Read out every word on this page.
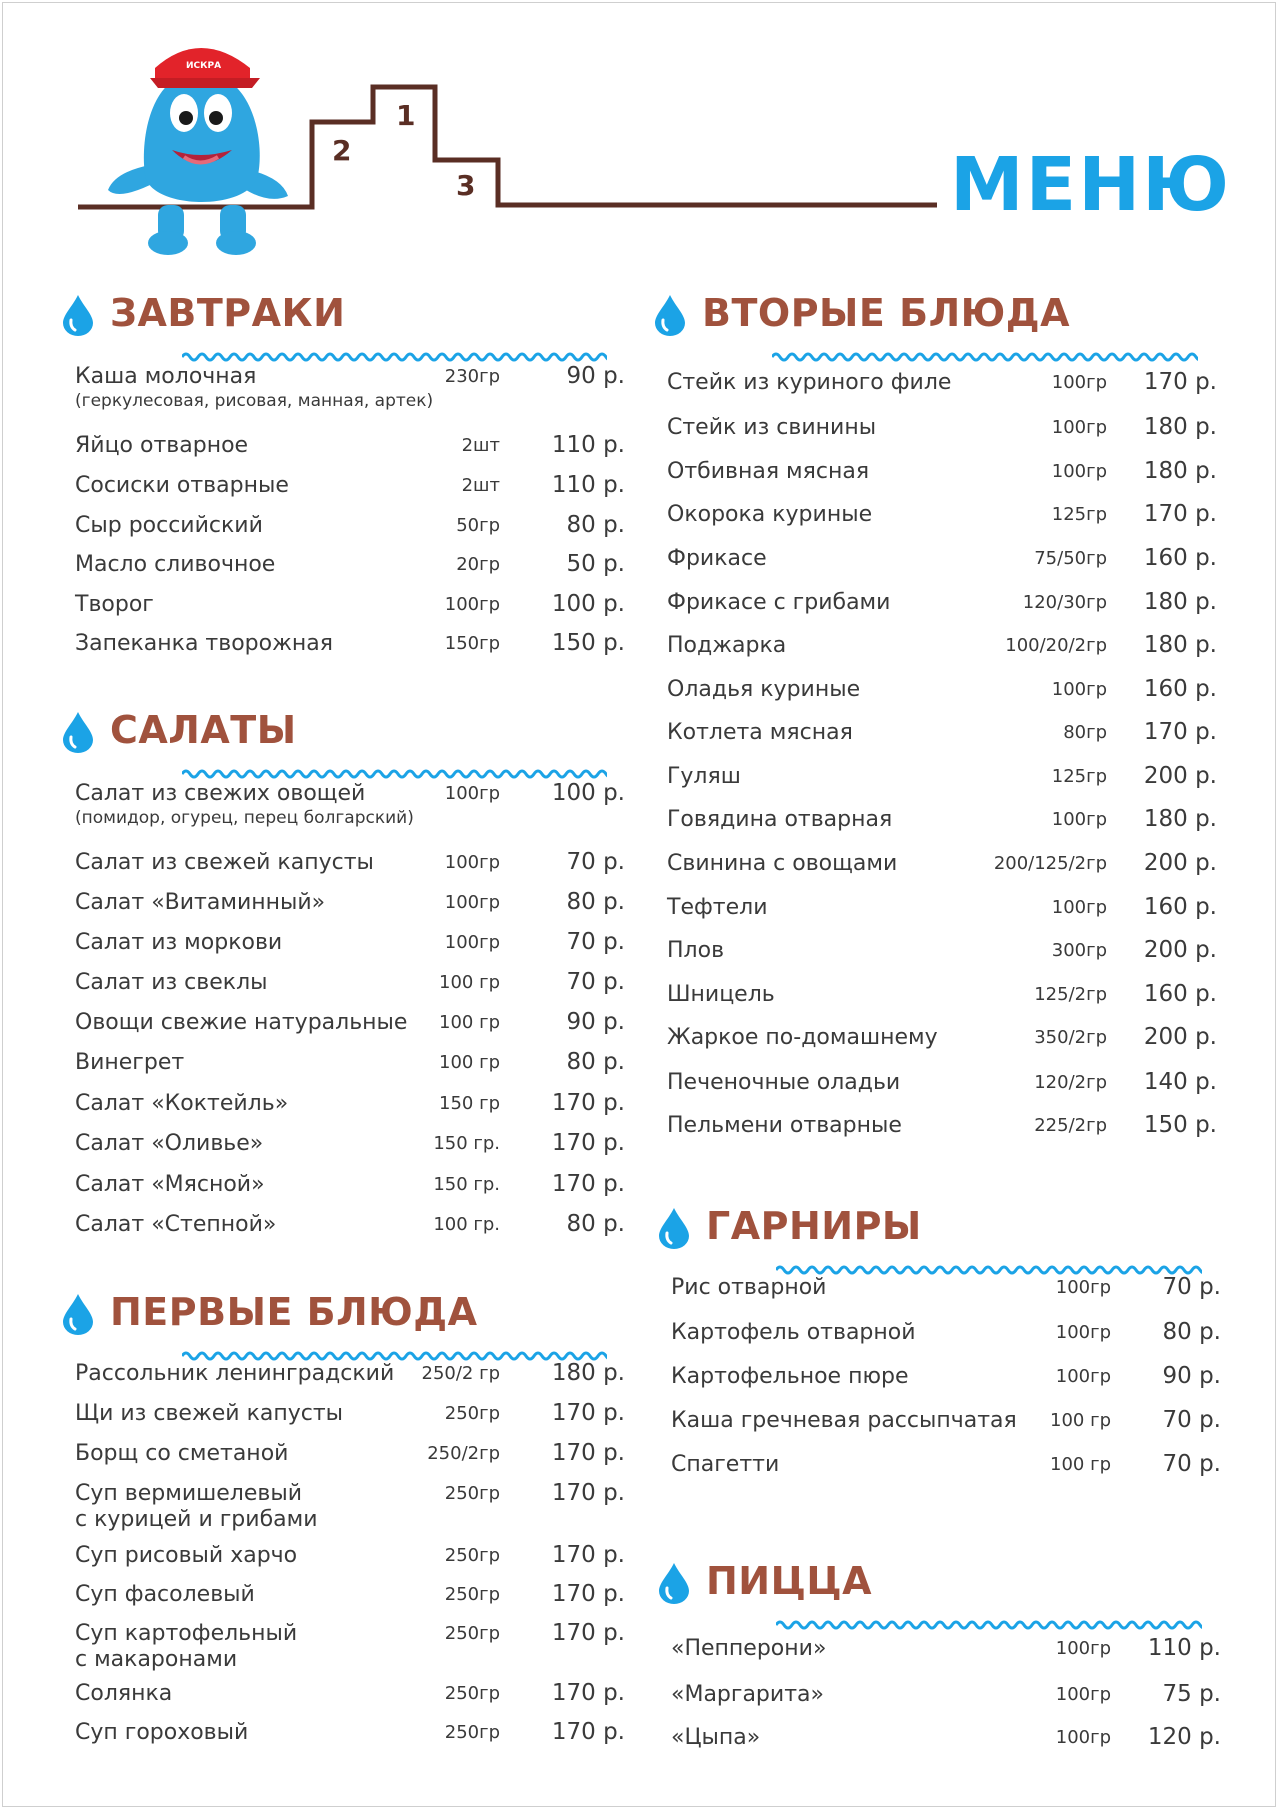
2
1
3
ИСКРА
МЕНЮ
ЗАВТРАКИ
Каша молочная
(геркулесовая, рисовая, манная, артек)
230гр	90 р.
Яйцо отварное	2шт 110 р.
Сосиски отварные	2шт 110 р.
Сыр российский	50гр	80 р.
Масло сливочное	20гр	50 р.
Творог	100гр 100 р.
Запеканка творожная	150гр 150 р.
САЛАТЫ
Салат из свежих овощей
(помидор, огурец, перец болгарский)
100гр 100 р.
Салат из свежей капусты	100гр	70 р.
Салат «Витаминный»	100гр	80 р.
Салат из моркови	100гр	70 р.
Салат из свеклы	100 гр	70 р.
Овощи свежие натуральные 100 гр	90 р.
Винегрет	100 гр	80 р.
Салат «Коктейль»	150 гр 170 р.
Салат «Оливье»	150 гр. 170 р.
Салат «Мясной»	150 гр. 170 р.
Салат «Степной»	100 гр.	80 р.
ПЕРВЫЕ БЛЮДА
Рассольник ленинградский 250/2 гр 180 р.
Щи из свежей капусты	250гр 170 р.
Борщ со сметаной	250/2гр 170 р.
Суп вермишелевый
с курицей и грибами
250гр 170 р.
Суп рисовый харчо	250гр 170 р.
Суп фасолевый	250гр 170 р.
Суп картофельный
с макаронами
250гр 170 р.
Солянка	250гр 170 р.
Суп гороховый	250гр 170 р.
ВТОРЫЕ БЛЮДА
Стейк из куриного филе	100гр 170 р.
Стейк из свинины	100гр 180 р.
Отбивная мясная	100гр 180 р.
Окорока куриные	125гр 170 р.
Фрикасе	75/50гр 160 р.
Фрикасе с грибами	120/30гр 180 р.
Поджарка	100/20/2гр 180 р.
Оладья куриные	100гр 160 р.
Котлета мясная	80гр 170 р.
Гуляш	125гр 200 р.
Говядина отварная	100гр 180 р.
Свинина с овощами	200/125/2гр 200 р.
Тефтели	100гр 160 р.
Плов	300гр 200 р.
Шницель	125/2гр 160 р.
Жаркое по-домашнему	350/2гр 200 р.
Печеночные оладьи	120/2гр 140 р.
Пельмени отварные	225/2гр 150 р.
ГАРНИРЫ
Рис отварной	100гр 70 р.
Картофель отварной	100гр 80 р.
Картофельное пюре	100гр 90 р.
Каша гречневая рассыпчатая 100 гр 70 р.
Спагетти	100 гр 70 р.
ПИЦЦА
«Пепперони»	100гр 110 р.
«Маргарита»	100гр 75 р.
«Цыпа»	100гр 120 р.
